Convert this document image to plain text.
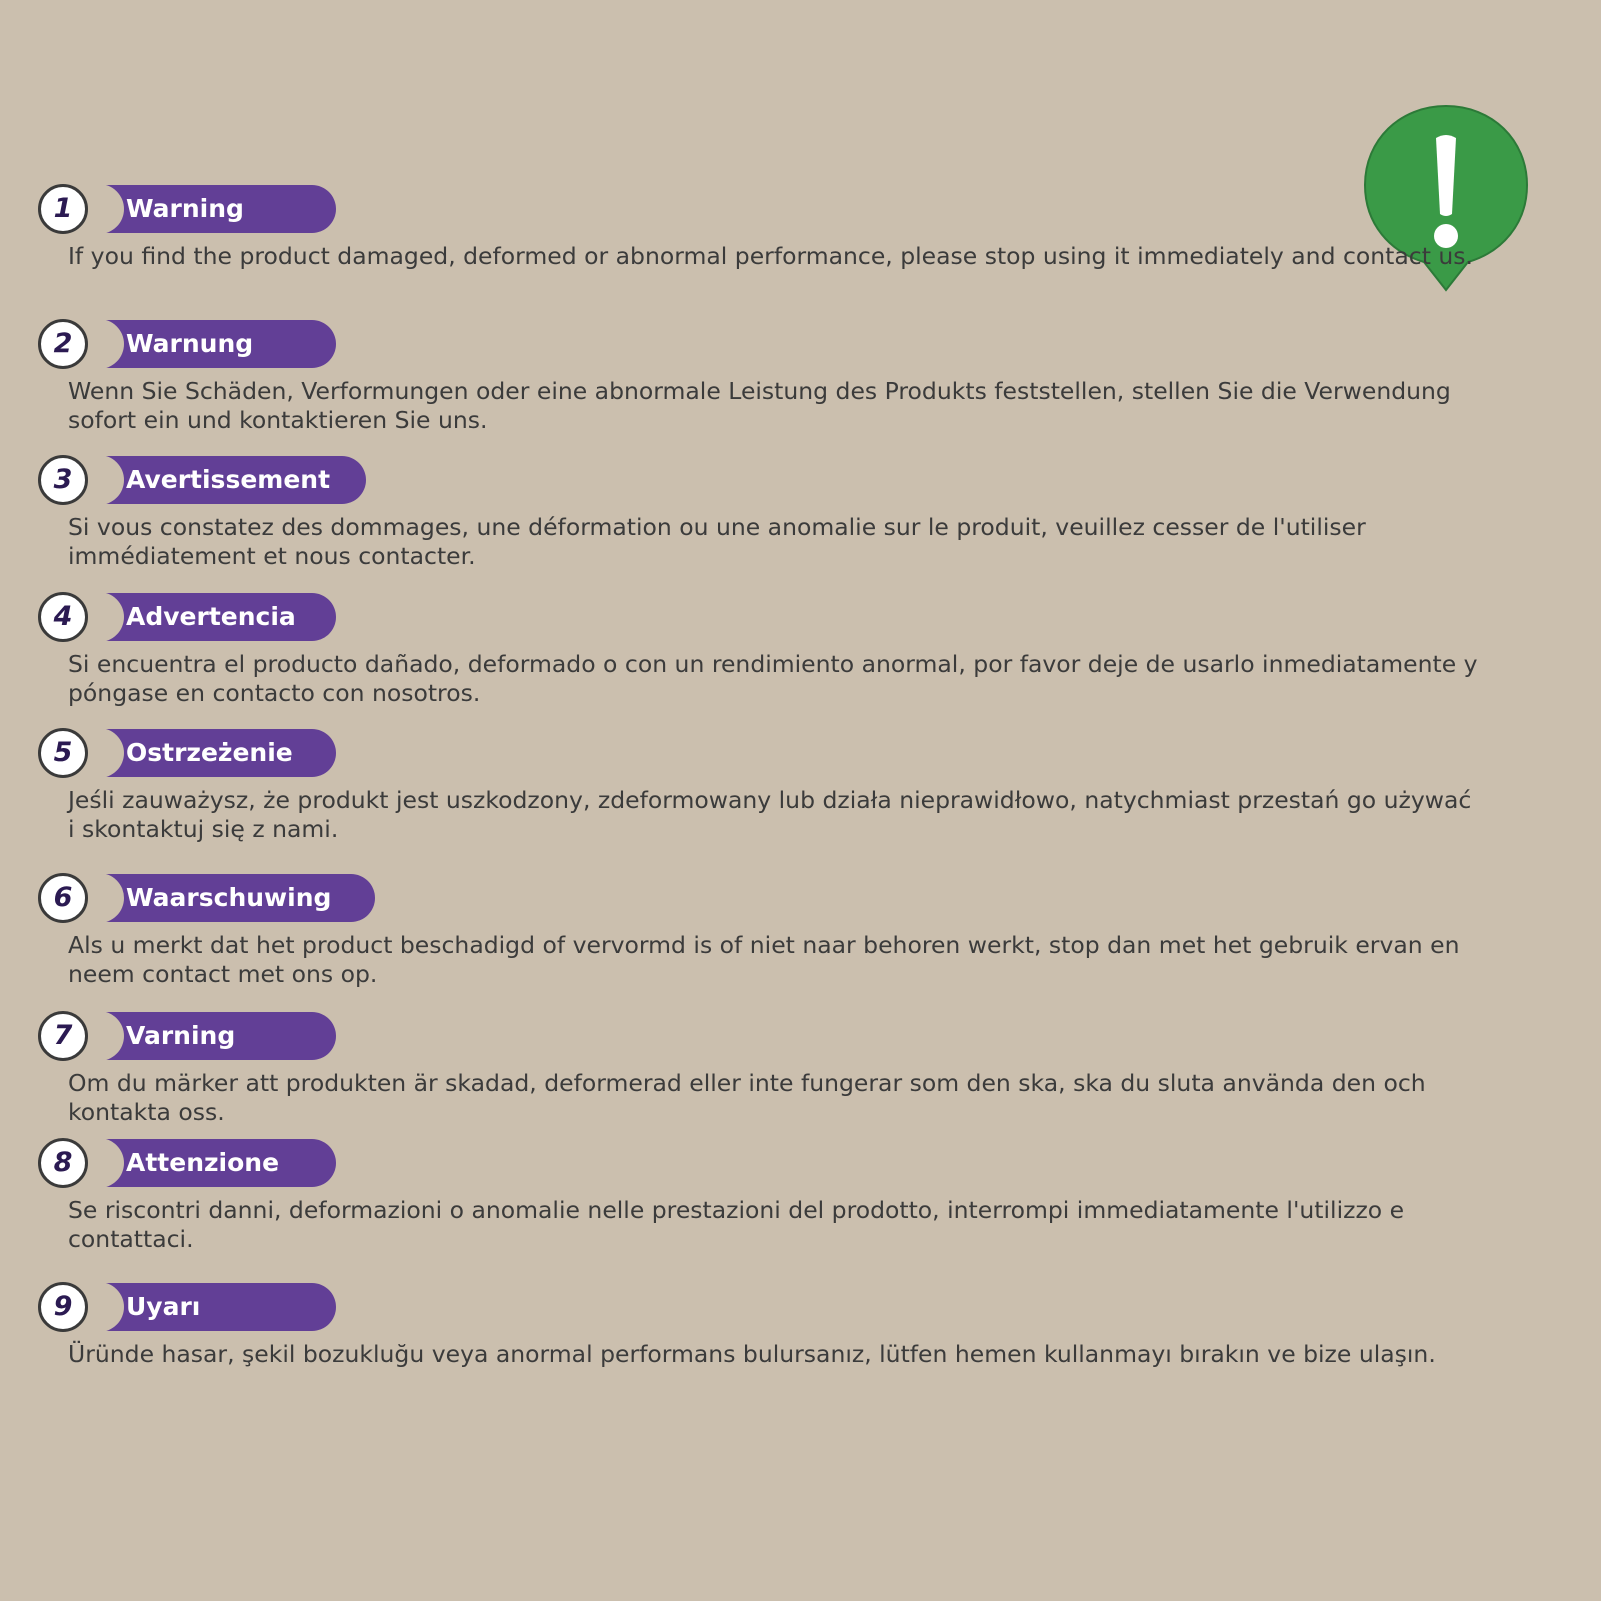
Warning
1
If you find the product damaged, deformed or abnormal performance, please stop using it immediately and contact us.
Warnung
2
Wenn Sie Schäden, Verformungen oder eine abnormale Leistung des Produkts feststellen, stellen Sie die Verwendung sofort ein und kontaktieren Sie uns.
Avertissement
3
Si vous constatez des dommages, une déformation ou une anomalie sur le produit, veuillez cesser de l'utiliser immédiatement et nous contacter.
Advertencia
4
Si encuentra el producto dañado, deformado o con un rendimiento anormal, por favor deje de usarlo inmediatamente y póngase en contacto con nosotros.
Ostrzeżenie
5
Jeśli zauważysz, że produkt jest uszkodzony, zdeformowany lub działa nieprawidłowo, natychmiast przestań go używać i skontaktuj się z nami.
Waarschuwing
6
Als u merkt dat het product beschadigd of vervormd is of niet naar behoren werkt, stop dan met het gebruik ervan en neem contact met ons op.
Varning
7
Om du märker att produkten är skadad, deformerad eller inte fungerar som den ska, ska du sluta använda den och kontakta oss.
Attenzione
8
Se riscontri danni, deformazioni o anomalie nelle prestazioni del prodotto, interrompi immediatamente l'utilizzo e contattaci.
Uyarı
9
Üründe hasar, şekil bozukluğu veya anormal performans bulursanız, lütfen hemen kullanmayı bırakın ve bize ulaşın.
